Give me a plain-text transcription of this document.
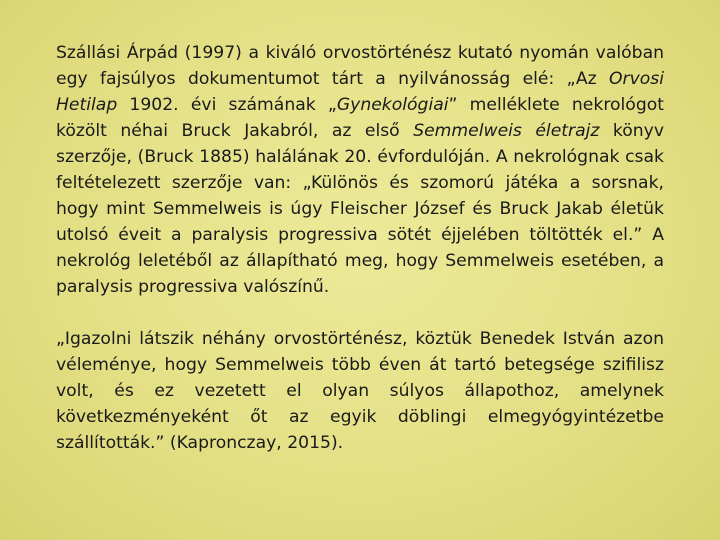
Szállási Árpád (1997) a kiváló orvostörténész kutató nyomán valóban egy fajsúlyos dokumentumot tárt a nyilvánosság elé: „Az Orvosi Hetilap 1902. évi számának „Gynekológiai” melléklete nekrológot közölt néhai Bruck Jakabról, az első Semmelweis életrajz könyv szerzője, (Bruck 1885) halálának 20. évfordulóján. A nekrológnak csak feltételezett szerzője van: „Különös és szomorú játéka a sorsnak, hogy mint Semmelweis is úgy Fleischer József és Bruck Jakab életük utolsó éveit a paralysis progressiva sötét éjjelében töltötték el.” A nekrológ leletéből az állapítható meg, hogy Semmelweis esetében, a paralysis progressiva valószínű.

„Igazolni látszik néhány orvostörténész, köztük Benedek István azon véleménye, hogy Semmelweis több éven át tartó betegsége szifilisz volt, és ez vezetett el olyan súlyos állapothoz, amelynek következményeként őt az egyik döblingi elmegyógyintézetbe szállították.” (Kapronczay, 2015).
